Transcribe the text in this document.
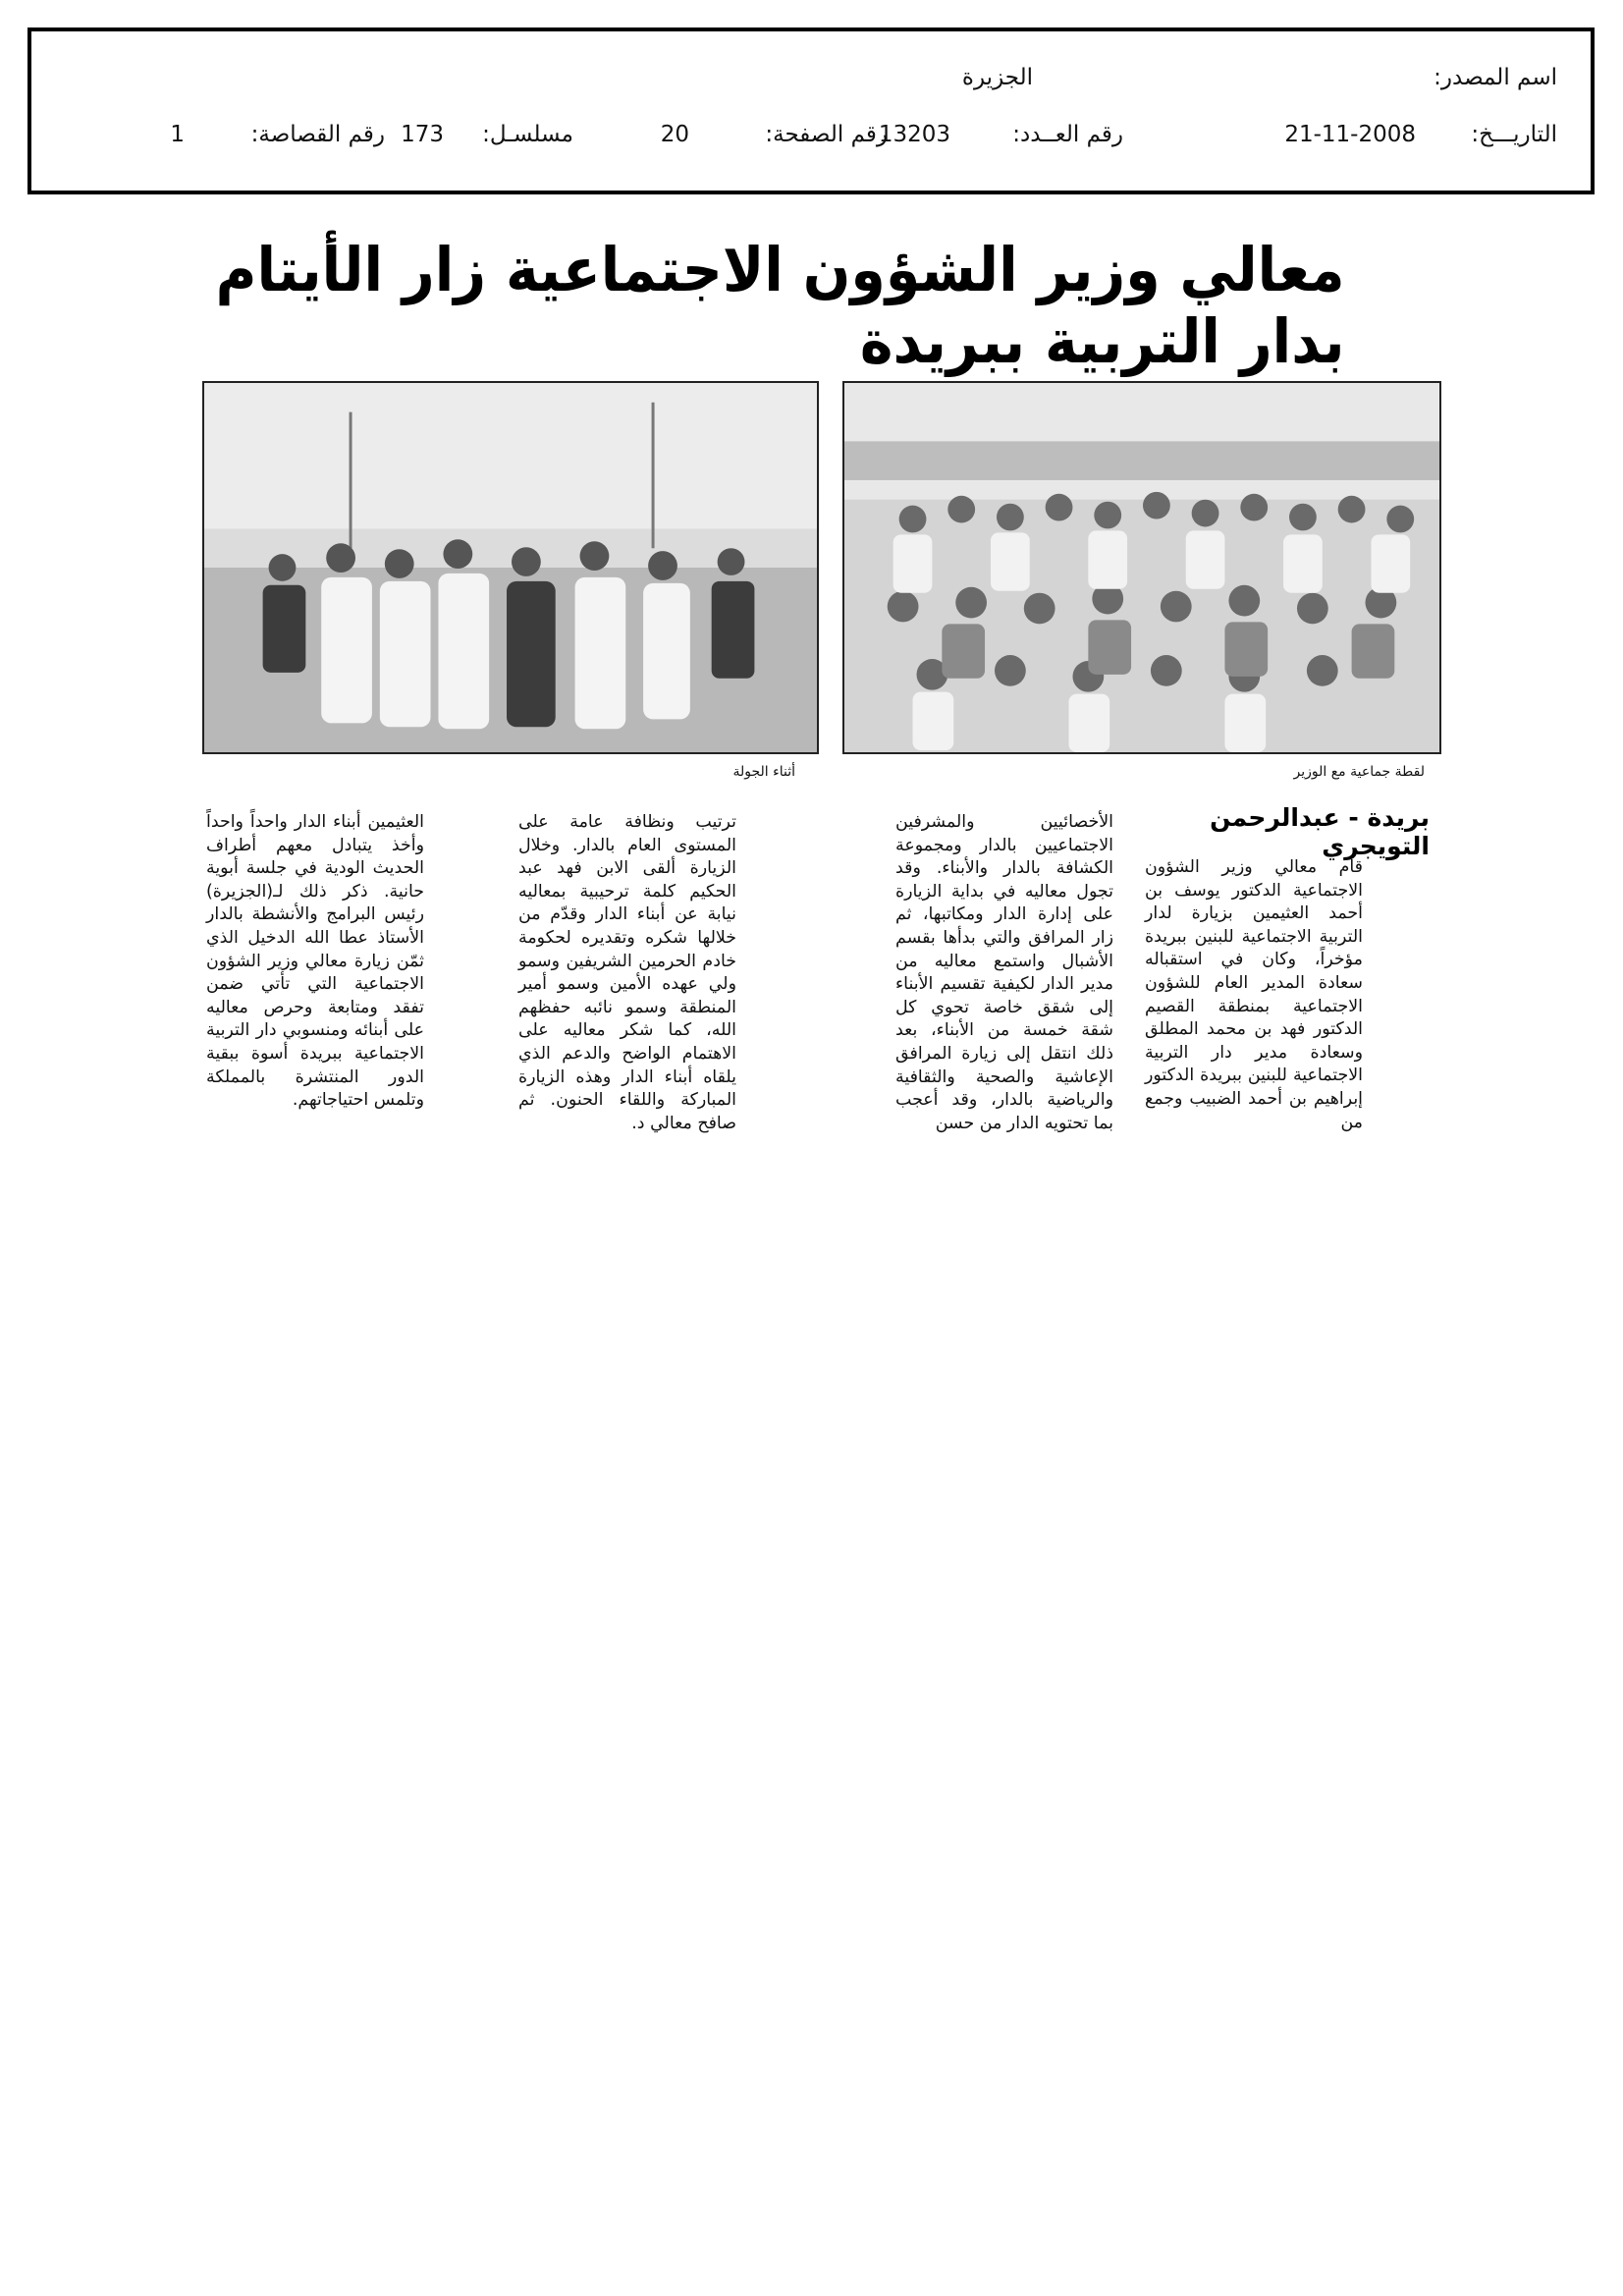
اسم المصدر:
الجزيرة
التاريـــخ:
21-11-2008
رقم العــدد:
13203
رقم الصفحة:
20
مسلسـل:
173
رقم القصاصة:
1
معالي وزير الشؤون الاجتماعية زار الأيتام بدار التربية ببريدة
لقطة جماعية مع الوزير
أثناء الجولة
بريدة - عبدالرحمن التويجري

قام معالي وزير الشؤون الاجتماعية الدكتور يوسف بن أحمد العثيمين بزيارة لدار التربية الاجتماعية للبنين ببريدة مؤخراً، وكان في استقباله سعادة المدير العام للشؤون الاجتماعية بمنطقة القصيم الدكتور فهد بن محمد المطلق وسعادة مدير دار التربية الاجتماعية للبنين ببريدة الدكتور إبراهيم بن أحمد الضبيب وجمع من

الأخصائيين والمشرفين الاجتماعيين بالدار ومجموعة الكشافة بالدار والأبناء. وقد تجول معاليه في بداية الزيارة على إدارة الدار ومكاتبها، ثم زار المرافق والتي بدأها بقسم الأشبال واستمع معاليه من مدير الدار لكيفية تقسيم الأبناء إلى شقق خاصة تحوي كل شقة خمسة من الأبناء، بعد ذلك انتقل إلى زيارة المرافق الإعاشية والصحية والثقافية والرياضية بالدار، وقد أعجب بما تحتويه الدار من حسن

ترتيب ونظافة عامة على المستوى العام بالدار. وخلال الزيارة ألقى الابن فهد عبد الحكيم كلمة ترحيبية بمعاليه نيابة عن أبناء الدار وقدّم من خلالها شكره وتقديره لحكومة خادم الحرمين الشريفين وسمو ولي عهده الأمين وسمو أمير المنطقة وسمو نائبه حفظهم الله، كما شكر معاليه على الاهتمام الواضح والدعم الذي يلقاه أبناء الدار وهذه الزيارة المباركة واللقاء الحنون. ثم صافح معالي د.

العثيمين أبناء الدار واحداً واحداً وأخذ يتبادل معهم أطراف الحديث الودية في جلسة أبوية حانية. ذكر ذلك لـ(الجزيرة) رئيس البرامج والأنشطة بالدار الأستاذ عطا الله الدخيل الذي ثمّن زيارة معالي وزير الشؤون الاجتماعية التي تأتي ضمن تفقد ومتابعة وحرص معاليه على أبنائه ومنسوبي دار التربية الاجتماعية ببريدة أسوة ببقية الدور المنتشرة بالمملكة وتلمس احتياجاتهم.
